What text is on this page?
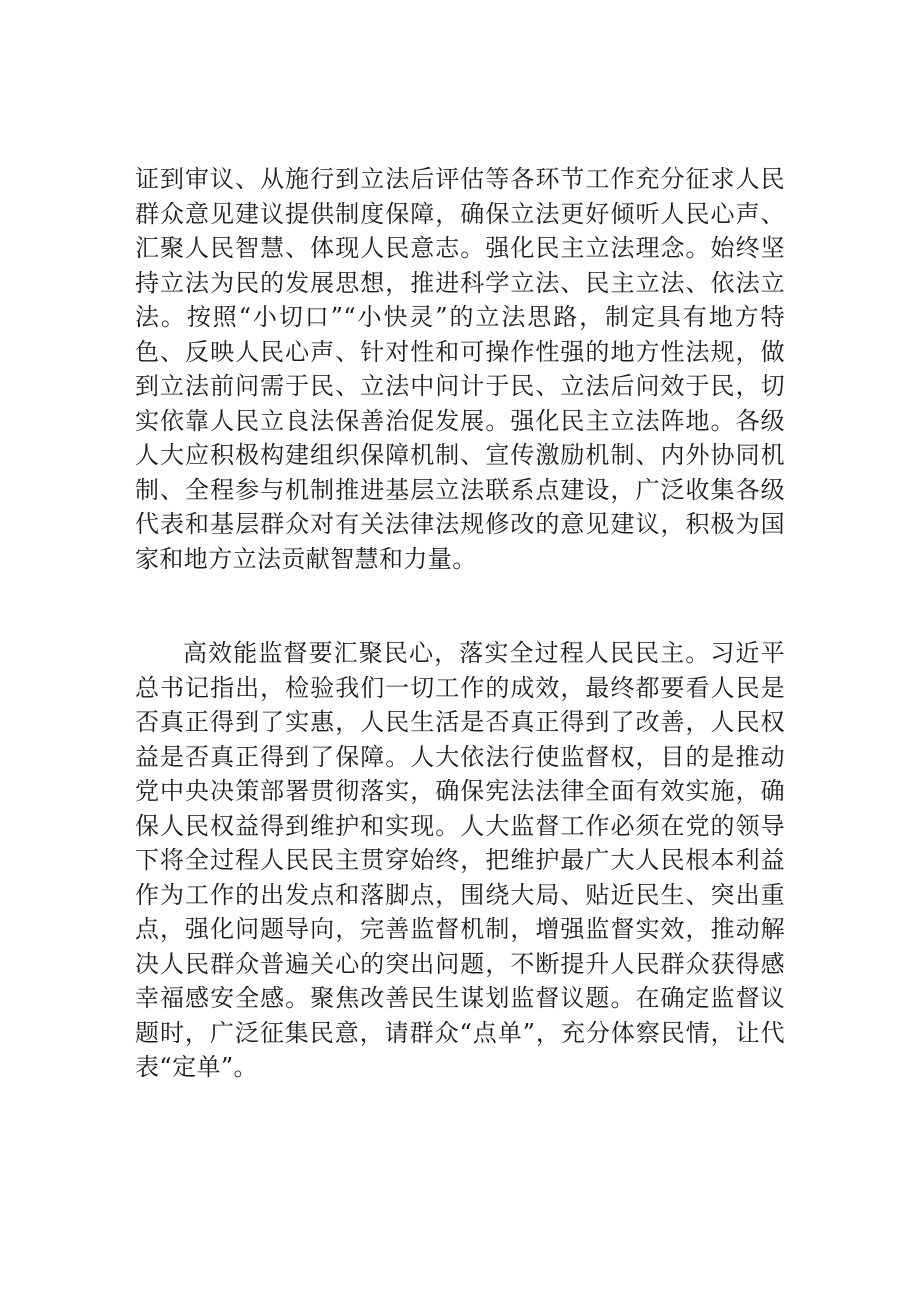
证到审议、从施行到立法后评估等各环节工作充分征求人民群众意见建议提供制度保障，确保立法更好倾听人民心声、汇聚人民智慧、体现人民意志。强化民主立法理念。始终坚持立法为民的发展思想，推进科学立法、民主立法、依法立法。按照“小切口”“小快灵”的立法思路，制定具有地方特色、反映人民心声、针对性和可操作性强的地方性法规，做到立法前问需于民、立法中问计于民、立法后问效于民，切实依靠人民立良法保善治促发展。强化民主立法阵地。各级人大应积极构建组织保障机制、宣传激励机制、内外协同机制、全程参与机制推进基层立法联系点建设，广泛收集各级代表和基层群众对有关法律法规修改的意见建议，积极为国家和地方立法贡献智慧和力量。

高效能监督要汇聚民心，落实全过程人民民主。习近平总书记指出，检验我们一切工作的成效，最终都要看人民是否真正得到了实惠，人民生活是否真正得到了改善，人民权益是否真正得到了保障。人大依法行使监督权，目的是推动党中央决策部署贯彻落实，确保宪法法律全面有效实施，确保人民权益得到维护和实现。人大监督工作必须在党的领导下将全过程人民民主贯穿始终，把维护最广大人民根本利益作为工作的出发点和落脚点，围绕大局、贴近民生、突出重点，强化问题导向，完善监督机制，增强监督实效，推动解决人民群众普遍关心的突出问题，不断提升人民群众获得感幸福感安全感。聚焦改善民生谋划监督议题。在确定监督议题时，广泛征集民意，请群众“点单”，充分体察民情，让代表“定单”。
